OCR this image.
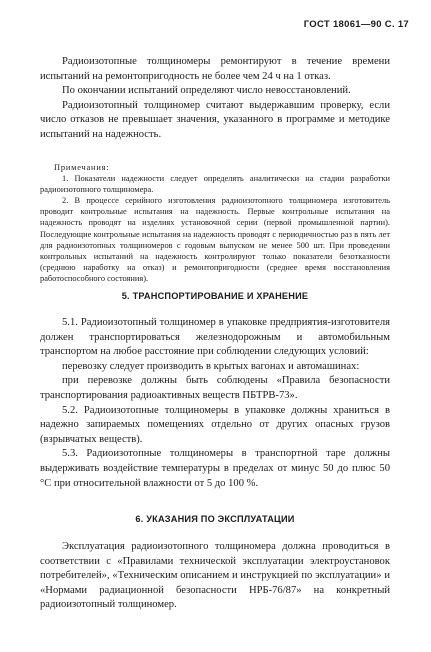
ГОСТ 18061—90 С. 17

Радиоизотопные толщиномеры ремонтируют в течение времени испытаний на ремонтопригодность не более чем 24 ч на 1 отказ.

По окончании испытаний определяют число невосстановлений.

Радиоизотопный толщиномер считают выдержавшим проверку, если число отказов не превышает значения, указанного в программе и методике испытаний на надежность.

Примечания:

1. Показатели надежности следует определять аналитически на стадии разработки радиоизотопного толщиномера.

2. В процессе серийного изготовления радиоизотопного толщиномера изготовитель проводит контрольные испытания на надежность. Первые контрольные испытания на надежность проводят на изделиях установочной серии (первой промышленной партии). Последующие контрольные испытания на надежность проводят с периодичностью раз в пять лет для радиоизотопных толщиномеров с годовым выпуском не менее 500 шт. При проведении контрольных испытаний на надежность контролируют только показатели безотказности (среднюю наработку на отказ) и ремонтопригодности (среднее время восстановления работоспособного состояния).

5. ТРАНСПОРТИРОВАНИЕ И ХРАНЕНИЕ

5.1. Радиоизотопный толщиномер в упаковке предприятия-изготовителя должен транспортироваться железнодорожным и автомобильным транспортом на любое расстояние при соблюдении следующих условий:

перевозку следует производить в крытых вагонах и автомашинах:

при перевозке должны быть соблюдены «Правила безопасности транспортирования радиоактивных веществ ПБТРВ-73».

5.2. Радиоизотопные толщиномеры в упаковке должны храниться в надежно запираемых помещениях отдельно от других опасных грузов (взрывчатых веществ).

5.3. Радиоизотопные толщиномеры в транспортной таре должны выдерживать воздействие температуры в пределах от минус 50 до плюс 50 °С при относительной влажности от 5 до 100 %.

6. УКАЗАНИЯ ПО ЭКСПЛУАТАЦИИ

Эксплуатация радиоизотопного толщиномера должна проводиться в соответствии с «Правилами технической эксплуатации электроустановок потребителей», «Техническим описанием и инструкцией по эксплуатации» и «Нормами радиационной безопасности НРБ-76/87» на конкретный радиоизотопный толщиномер.
